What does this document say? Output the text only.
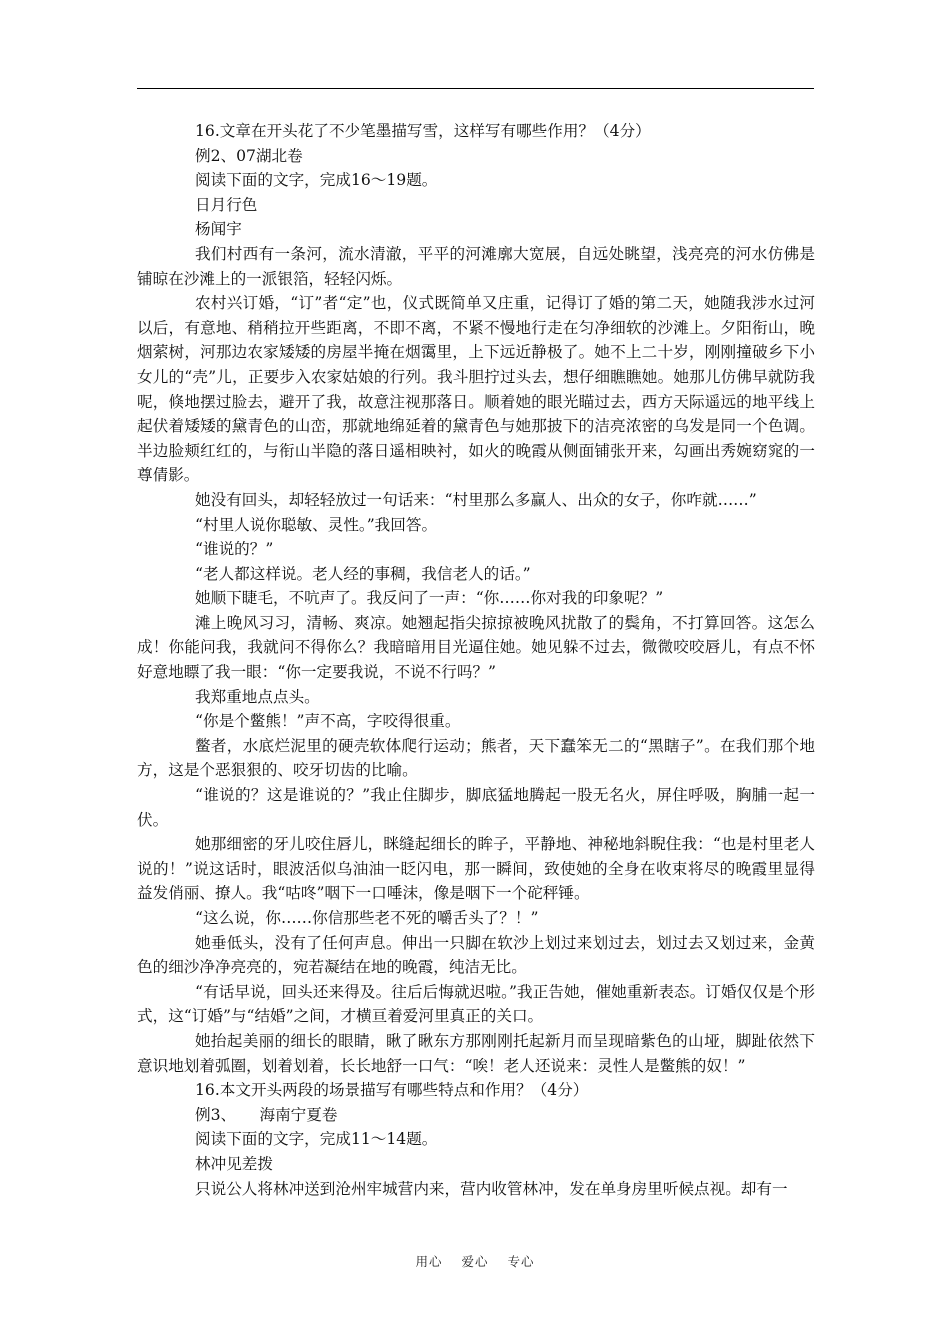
16.文章在开头花了不少笔墨描写雪，这样写有哪些作用？（4分）

例2、07湖北卷

阅读下面的文字，完成16～19题。

日月行色

杨闻宇

我们村西有一条河，流水清澈，平平的河滩廓大宽展，自远处眺望，浅亮亮的河水仿佛是铺晾在沙滩上的一派银箔，轻轻闪烁。

农村兴订婚，“订”者“定”也，仪式既简单又庄重，记得订了婚的第二天，她随我涉水过河以后，有意地、稍稍拉开些距离，不即不离，不紧不慢地行走在匀净细软的沙滩上。夕阳衔山，晚烟萦树，河那边农家矮矮的房屋半掩在烟霭里，上下远近静极了。她不上二十岁，刚刚撞破乡下小女儿的“壳”儿，正要步入农家姑娘的行列。我斗胆拧过头去，想仔细瞧瞧她。她那儿仿佛早就防我呢，倏地摆过脸去，避开了我，故意注视那落日。顺着她的眼光瞄过去，西方天际遥远的地平线上起伏着矮矮的黛青色的山峦，那就地绵延着的黛青色与她那披下的洁亮浓密的乌发是同一个色调。半边脸颊红红的，与衔山半隐的落日遥相映衬，如火的晚霞从侧面铺张开来，勾画出秀婉窈窕的一尊倩影。

她没有回头，却轻轻放过一句话来：“村里那么多赢人、出众的女子，你咋就……”

“村里人说你聪敏、灵性。”我回答。

“谁说的？”

“老人都这样说。老人经的事稠，我信老人的话。”

她顺下睫毛，不吭声了。我反问了一声：“你……你对我的印象呢？”

滩上晚风习习，清畅、爽凉。她翘起指尖掠掠被晚风扰散了的鬓角，不打算回答。这怎么成！你能问我，我就问不得你么？我暗暗用目光逼住她。她见躲不过去，微微咬咬唇儿，有点不怀好意地瞟了我一眼：“你一定要我说，不说不行吗？”

我郑重地点点头。

“你是个鳖熊！”声不高，字咬得很重。

鳖者，水底烂泥里的硬壳软体爬行运动；熊者，天下蠢笨无二的“黑瞎子”。在我们那个地方，这是个恶狠狠的、咬牙切齿的比喻。

“谁说的？这是谁说的？”我止住脚步，脚底猛地腾起一股无名火，屏住呼吸，胸脯一起一伏。

她那细密的牙儿咬住唇儿，眯缝起细长的眸子，平静地、神秘地斜睨住我：“也是村里老人说的！”说这话时，眼波活似乌油油一眨闪电，那一瞬间，致使她的全身在收束将尽的晚霞里显得益发俏丽、撩人。我“咕咚”咽下一口唾沫，像是咽下一个砣秤锤。

“这么说，你……你信那些老不死的嚼舌头了？！”

她垂低头，没有了任何声息。伸出一只脚在软沙上划过来划过去，划过去又划过来，金黄色的细沙净净亮亮的，宛若凝结在地的晚霞，纯洁无比。

“有话早说，回头还来得及。往后后悔就迟啦。”我正告她，催她重新表态。订婚仅仅是个形式，这“订婚”与“结婚”之间，才横亘着爱河里真正的关口。

她抬起美丽的细长的眼睛，瞅了瞅东方那刚刚托起新月而呈现暗紫色的山垭，脚趾依然下意识地划着弧圈，划着划着，长长地舒一口气：“唉！老人还说来：灵性人是鳖熊的奴！”

16.本文开头两段的场景描写有哪些特点和作用？（4分）

例3、　　海南宁夏卷

阅读下面的文字，完成11～14题。

林冲见差拨

只说公人将林冲送到沧州牢城营内来，营内收管林冲，发在单身房里听候点视。却有一

用心 爱心 专心
